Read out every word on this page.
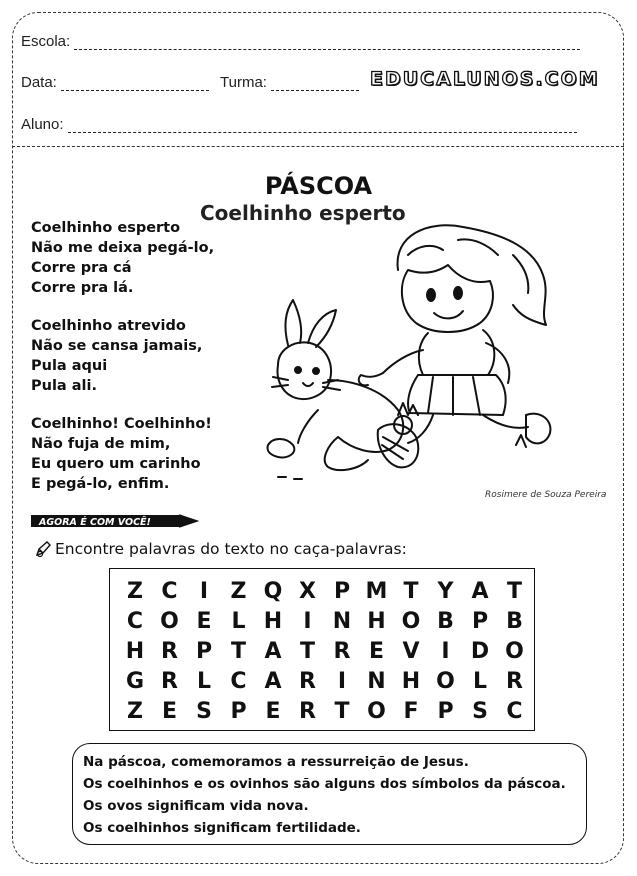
Escola:
Data:	Turma:	EDUCALUNOS.COM
Aluno:
PÁSCOA
Coelhinho esperto
Coelhinho esperto
Não me deixa pegá-lo,
Corre pra cá
Corre pra lá.
Coelhinho atrevido
Não se cansa jamais,
Pula aqui
Pula ali.
Coelhinho! Coelhinho!
Não fuja de mim,
Eu quero um carinho
E pegá-lo, enfim.
Rosimere de Souza Pereira
AGORA É COM VOCÊ!
Encontre palavras do texto no caça-palavras:
Z C	I	Z Q X P M T Y A T
C O E L H I N H O B P B
H R P T A T R E V I D O
G R L C A R I N H O L R
Z E S P E R T O F P S C
Na páscoa, comemoramos a ressurreição de Jesus.
Os coelhinhos e os ovinhos são alguns dos símbolos da páscoa.
Os ovos significam vida nova.
Os coelhinhos significam fertilidade.
